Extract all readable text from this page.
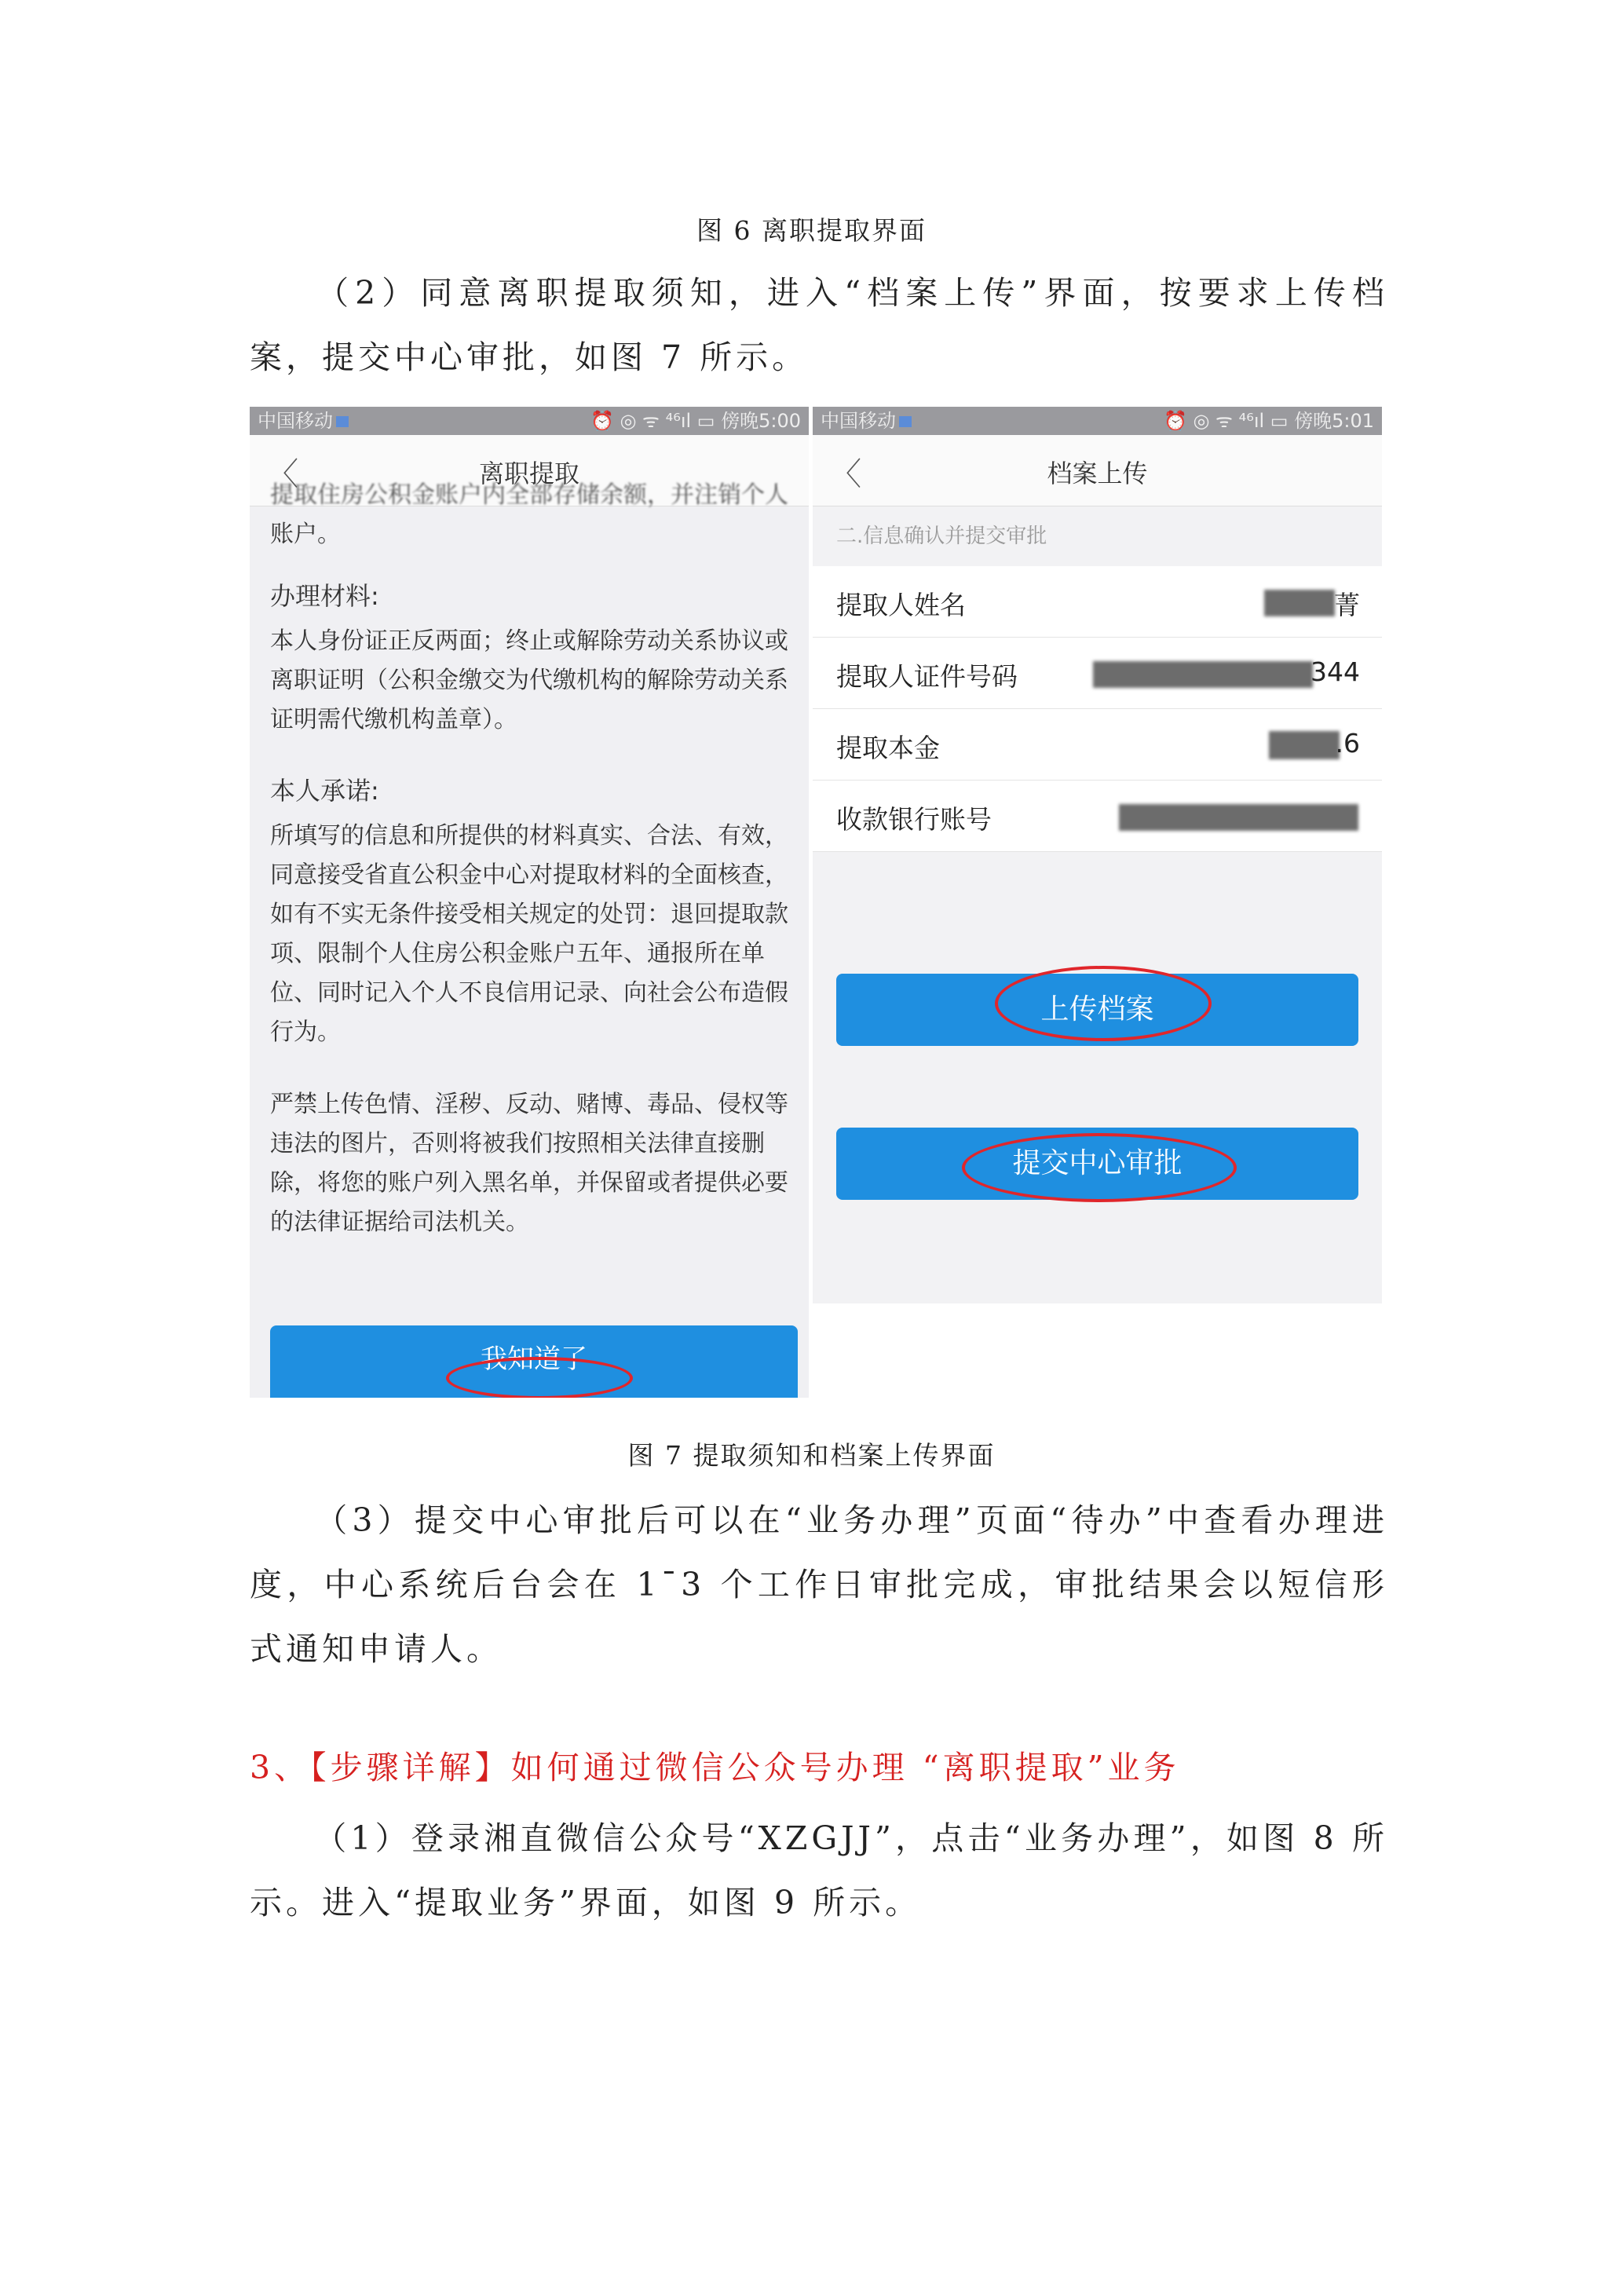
图 6 离职提取界面
（2）同意离职提取须知，进入“档案上传”界面，按要求上传档案，提交中心审批，如图 7 所示。
中国移动	⏰ ◎ ᯤ ⁴⁶ıl ▭ 傍晚5:00
〈	离职提取

提取住房公积金账户内全部存储余额，并注销个人

账户。

办理材料:

本人身份证正反两面；终止或解除劳动关系协议或离职证明（公积金缴交为代缴机构的解除劳动关系证明需代缴机构盖章）。

本人承诺:

所填写的信息和所提供的材料真实、合法、有效，同意接受省直公积金中心对提取材料的全面核查，如有不实无条件接受相关规定的处罚：退回提取款项、限制个人住房公积金账户五年、通报所在单位、同时记入个人不良信用记录、向社会公布造假行为。

严禁上传色情、淫秽、反动、赌博、毒品、侵权等违法的图片，否则将被我们按照相关法律直接删除，将您的账户列入黑名单，并保留或者提供必要的法律证据给司法机关。

我知道了
中国移动	⏰ ◎ ᯤ ⁴⁶ıl ▭ 傍晚5:01
〈	档案上传
二.信息确认并提交审批
提取人姓名	菁
提取人证件号码	344
提取本金	.6
收款银行账号
上传档案
提交中心审批
图 7 提取须知和档案上传界面
（3）提交中心审批后可以在“业务办理”页面“待办”中查看办理进度，中心系统后台会在 1¯3 个工作日审批完成，审批结果会以短信形式通知申请人。
3、【步骤详解】如何通过微信公众号办理 “离职提取”业务
（1）登录湘直微信公众号“XZGJJ”，点击“业务办理”，如图 8 所示。进入“提取业务”界面，如图 9 所示。
